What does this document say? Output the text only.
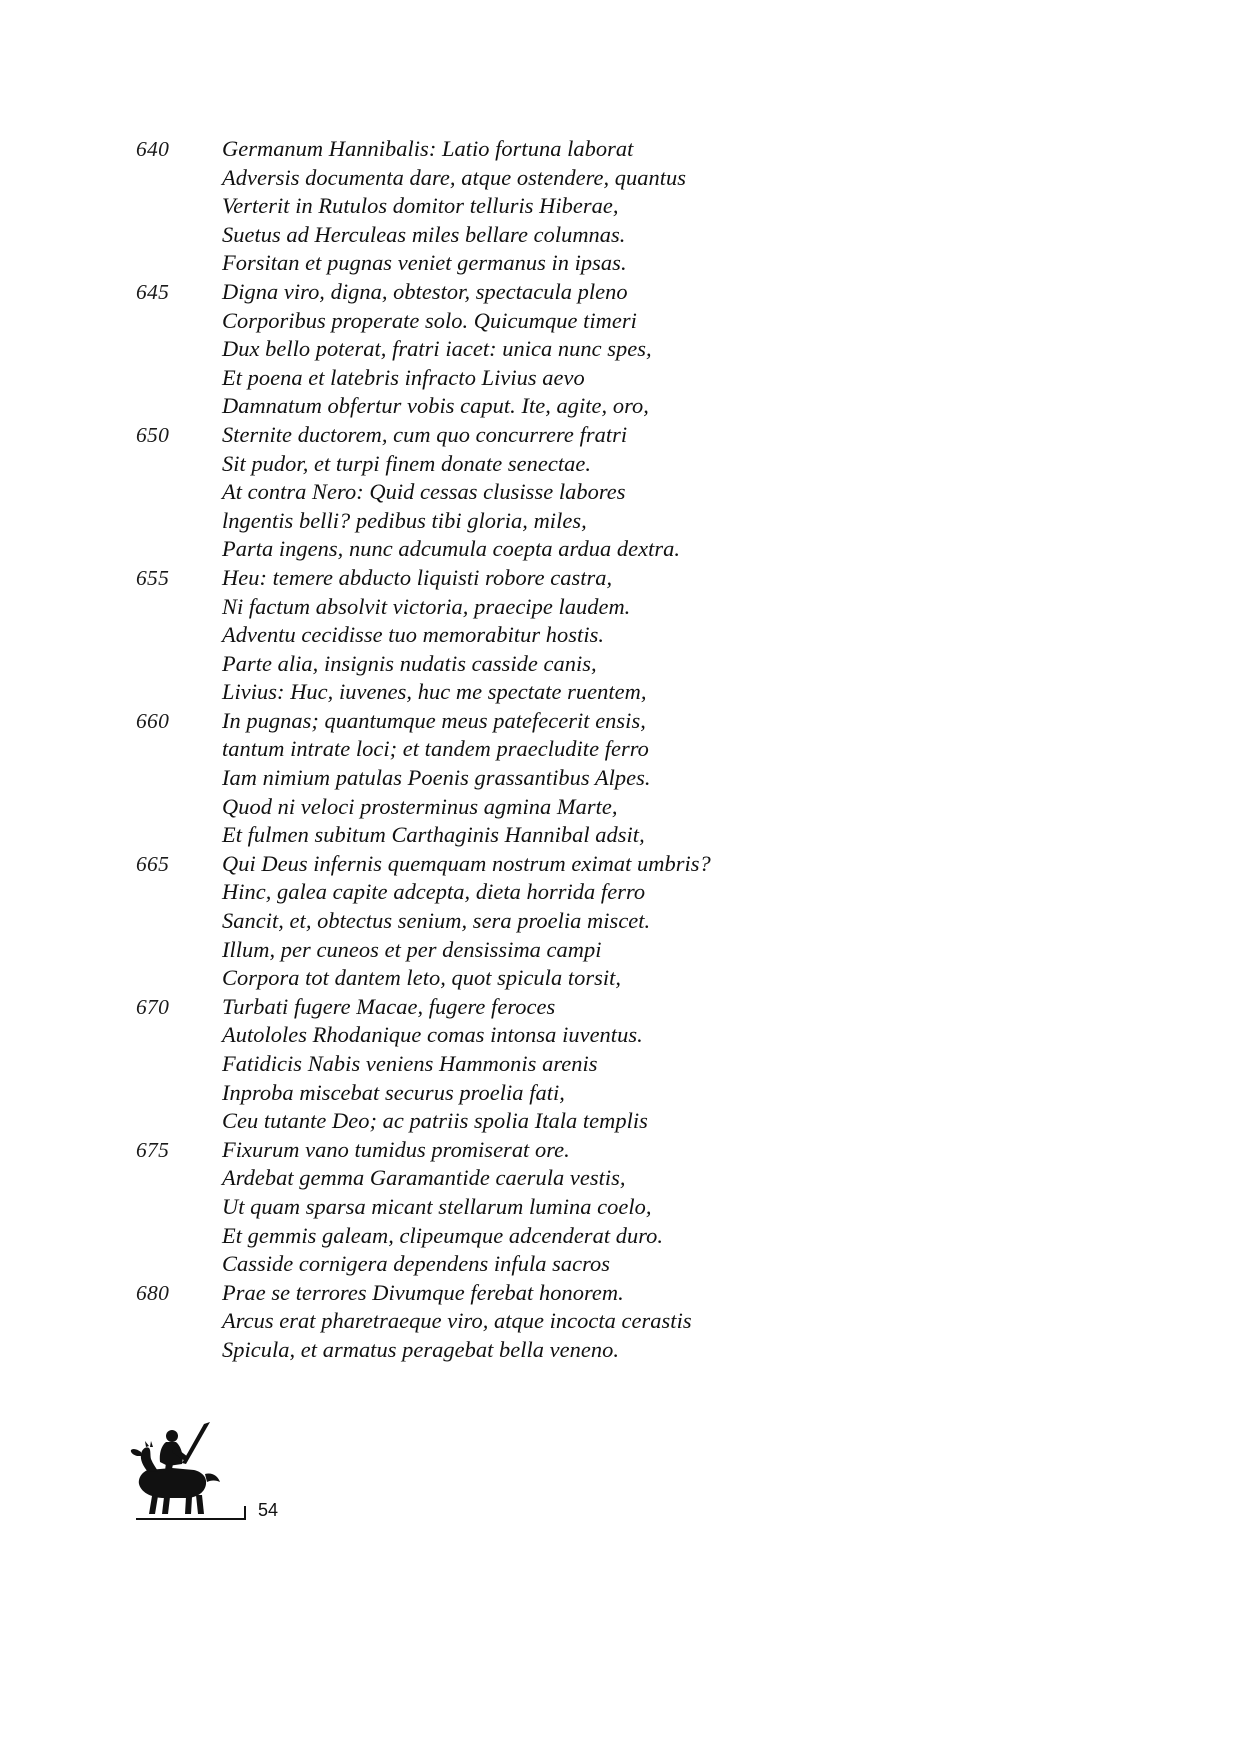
640	Germanum Hannibalis: Latio fortuna laborat
Adversis documenta dare, atque ostendere, quantus
Verterit in Rutulos domitor telluris Hiberae,
Suetus ad Herculeas miles bellare columnas.
Forsitan et pugnas veniet germanus in ipsas.
645	Digna viro, digna, obtestor, spectacula pleno
Corporibus properate solo. Quicumque timeri
Dux bello poterat, fratri iacet: unica nunc spes,
Et poena et latebris infracto Livius aevo
Damnatum obfertur vobis caput. Ite, agite, oro,
650	Sternite ductorem, cum quo concurrere fratri
Sit pudor, et turpi finem donate senectae.
At contra Nero: Quid cessas clusisse labores
lngentis belli? pedibus tibi gloria, miles,
Parta ingens, nunc adcumula coepta ardua dextra.
655	Heu: temere abducto liquisti robore castra,
Ni factum absolvit victoria, praecipe laudem.
Adventu cecidisse tuo memorabitur hostis.
Parte alia, insignis nudatis casside canis,
Livius: Huc, iuvenes, huc me spectate ruentem,
660	In pugnas; quantumque meus patefecerit ensis,
tantum intrate loci; et tandem praecludite ferro
Iam nimium patulas Poenis grassantibus Alpes.
Quod ni veloci prosterminus agmina Marte,
Et fulmen subitum Carthaginis Hannibal adsit,
665	Qui Deus infernis quemquam nostrum eximat umbris?
Hinc, galea capite adcepta, dieta horrida ferro
Sancit, et, obtectus senium, sera proelia miscet.
Illum, per cuneos et per densissima campi
Corpora tot dantem leto, quot spicula torsit,
670	Turbati fugere Macae, fugere feroces
Autololes Rhodanique comas intonsa iuventus.
Fatidicis Nabis veniens Hammonis arenis
Inproba miscebat securus proelia fati,
Ceu tutante Deo; ac patriis spolia Itala templis
675	Fixurum vano tumidus promiserat ore.
Ardebat gemma Garamantide caerula vestis,
Ut quam sparsa micant stellarum lumina coelo,
Et gemmis galeam, clipeumque adcenderat duro.
Casside cornigera dependens infula sacros
680	Prae se terrores Divumque ferebat honorem.
Arcus erat pharetraeque viro, atque incocta cerastis
Spicula, et armatus peragebat bella veneno.
54
